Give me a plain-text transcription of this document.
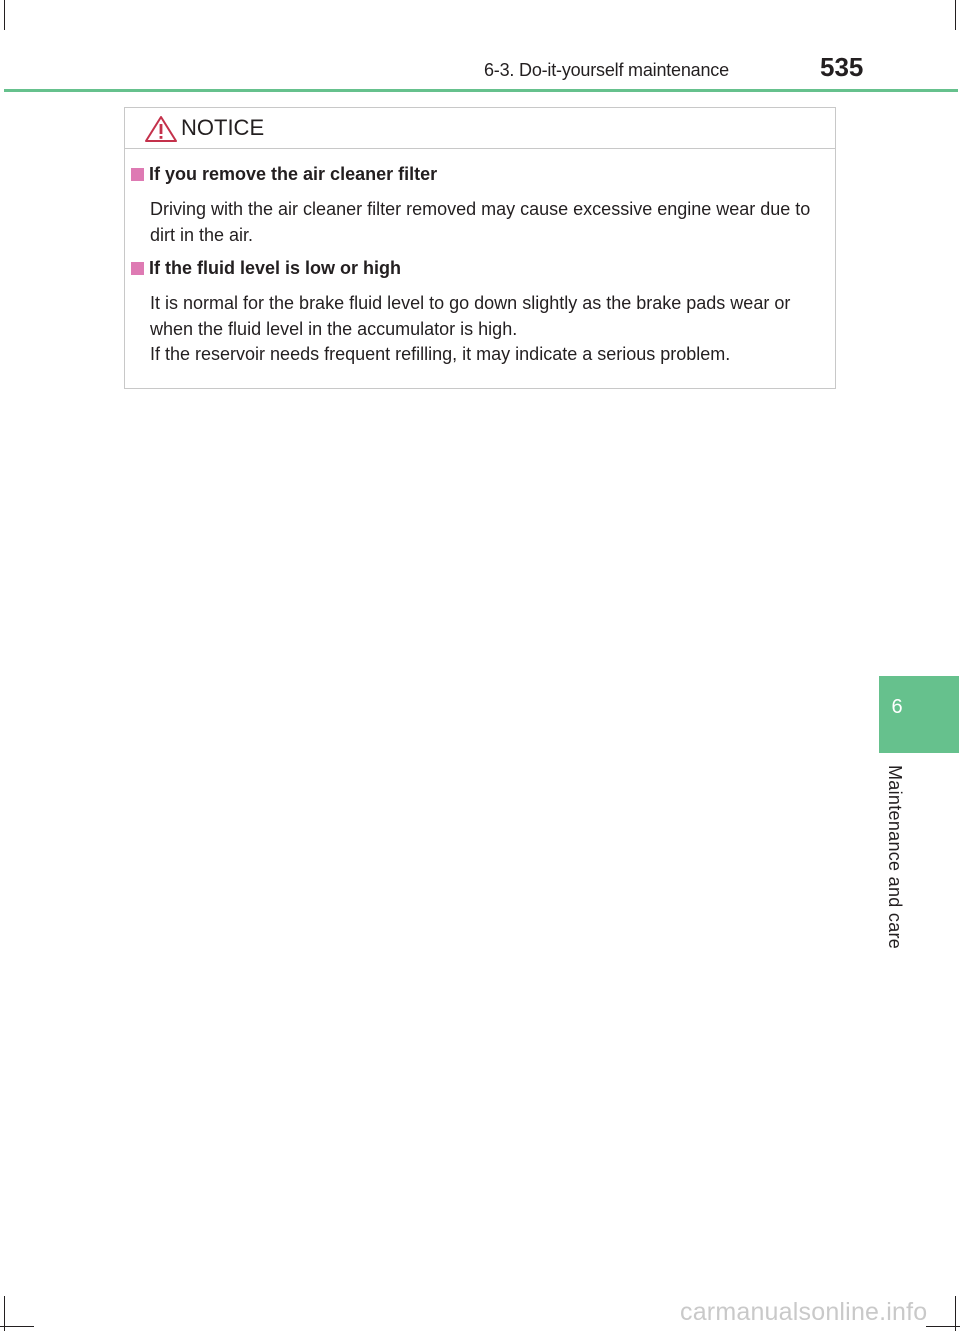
6-3. Do-it-yourself maintenance	535
NOTICE
If you remove the air cleaner filter

Driving with the air cleaner filter removed may cause excessive engine wear due to dirt in the air.

If the fluid level is low or high

It is normal for the brake fluid level to go down slightly as the brake pads wear or when the fluid level in the accumulator is high.

If the reservoir needs frequent refilling, it may indicate a serious problem.

6
Maintenance and care
carmanualsonline.info
